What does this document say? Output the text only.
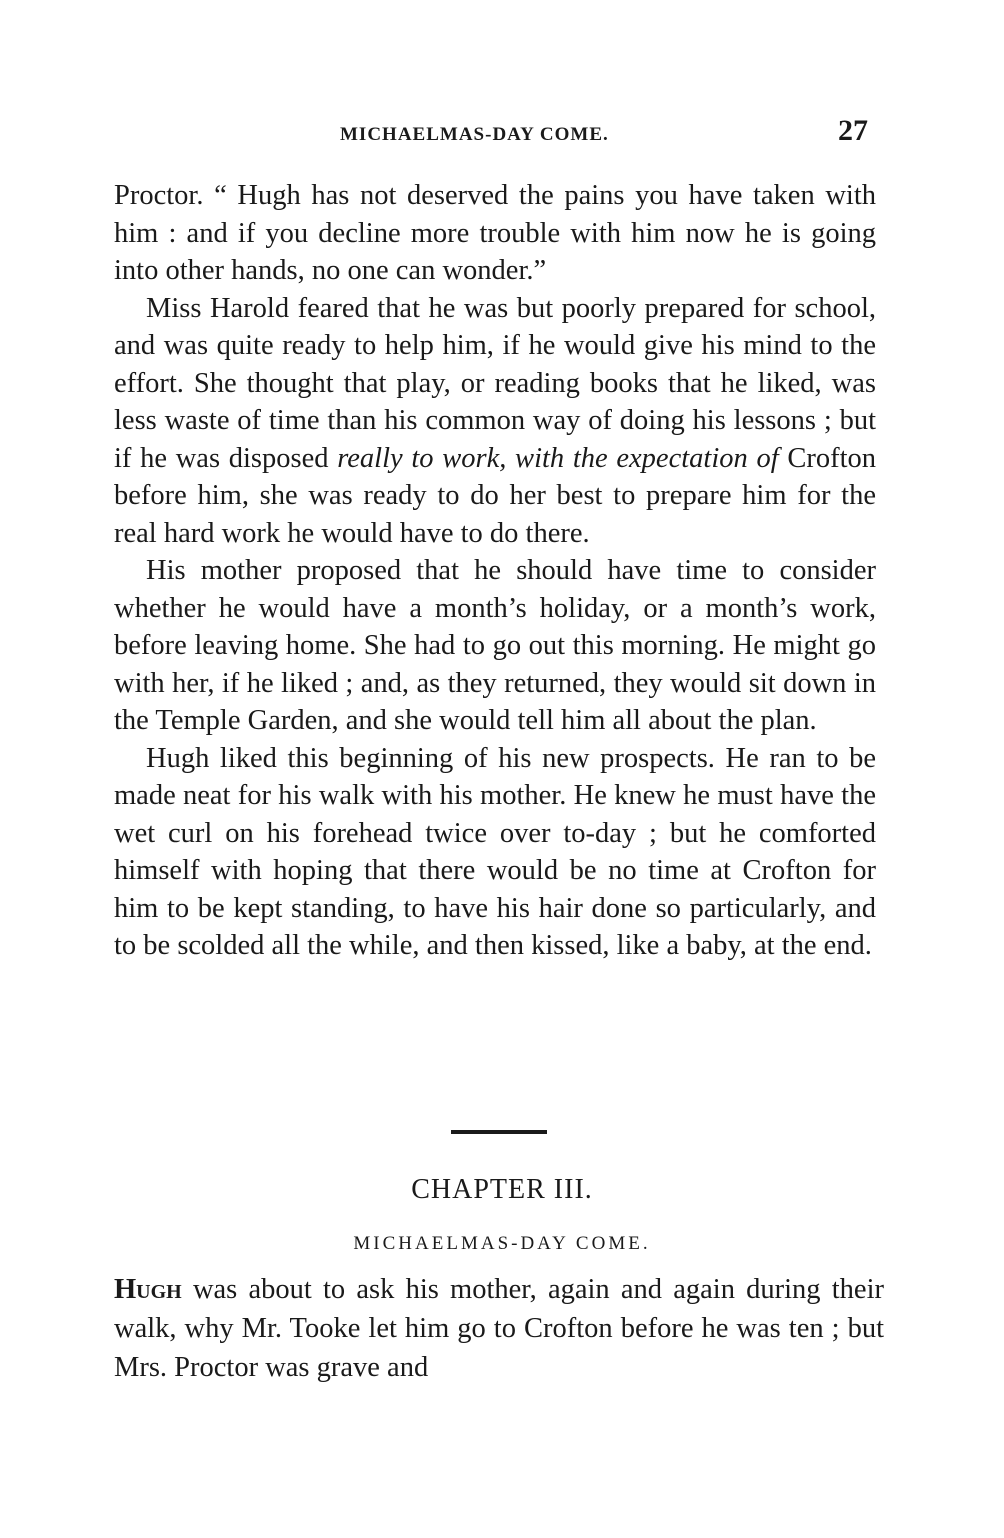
MICHAELMAS-DAY COME.	27

Proctor. “ Hugh has not deserved the pains you have taken with him : and if you decline more trouble with him now he is going into other hands, no one can wonder.”

Miss Harold feared that he was but poorly prepared for school, and was quite ready to help him, if he would give his mind to the effort. She thought that play, or reading books that he liked, was less waste of time than his common way of doing his lessons ; but if he was disposed really to work, with the expectation of Crofton before him, she was ready to do her best to prepare him for the real hard work he would have to do there.

His mother proposed that he should have time to consider whether he would have a month’s holiday, or a month’s work, before leaving home. She had to go out this morning. He might go with her, if he liked ; and, as they returned, they would sit down in the Temple Garden, and she would tell him all about the plan.

Hugh liked this beginning of his new prospects. He ran to be made neat for his walk with his mother. He knew he must have the wet curl on his forehead twice over to-day ; but he comforted himself with hoping that there would be no time at Crofton for him to be kept standing, to have his hair done so particularly, and to be scolded all the while, and then kissed, like a baby, at the end.

CHAPTER III.
MICHAELMAS-DAY COME.

Hugh was about to ask his mother, again and again during their walk, why Mr. Tooke let him go to Crofton before he was ten ; but Mrs. Proctor was grave and
